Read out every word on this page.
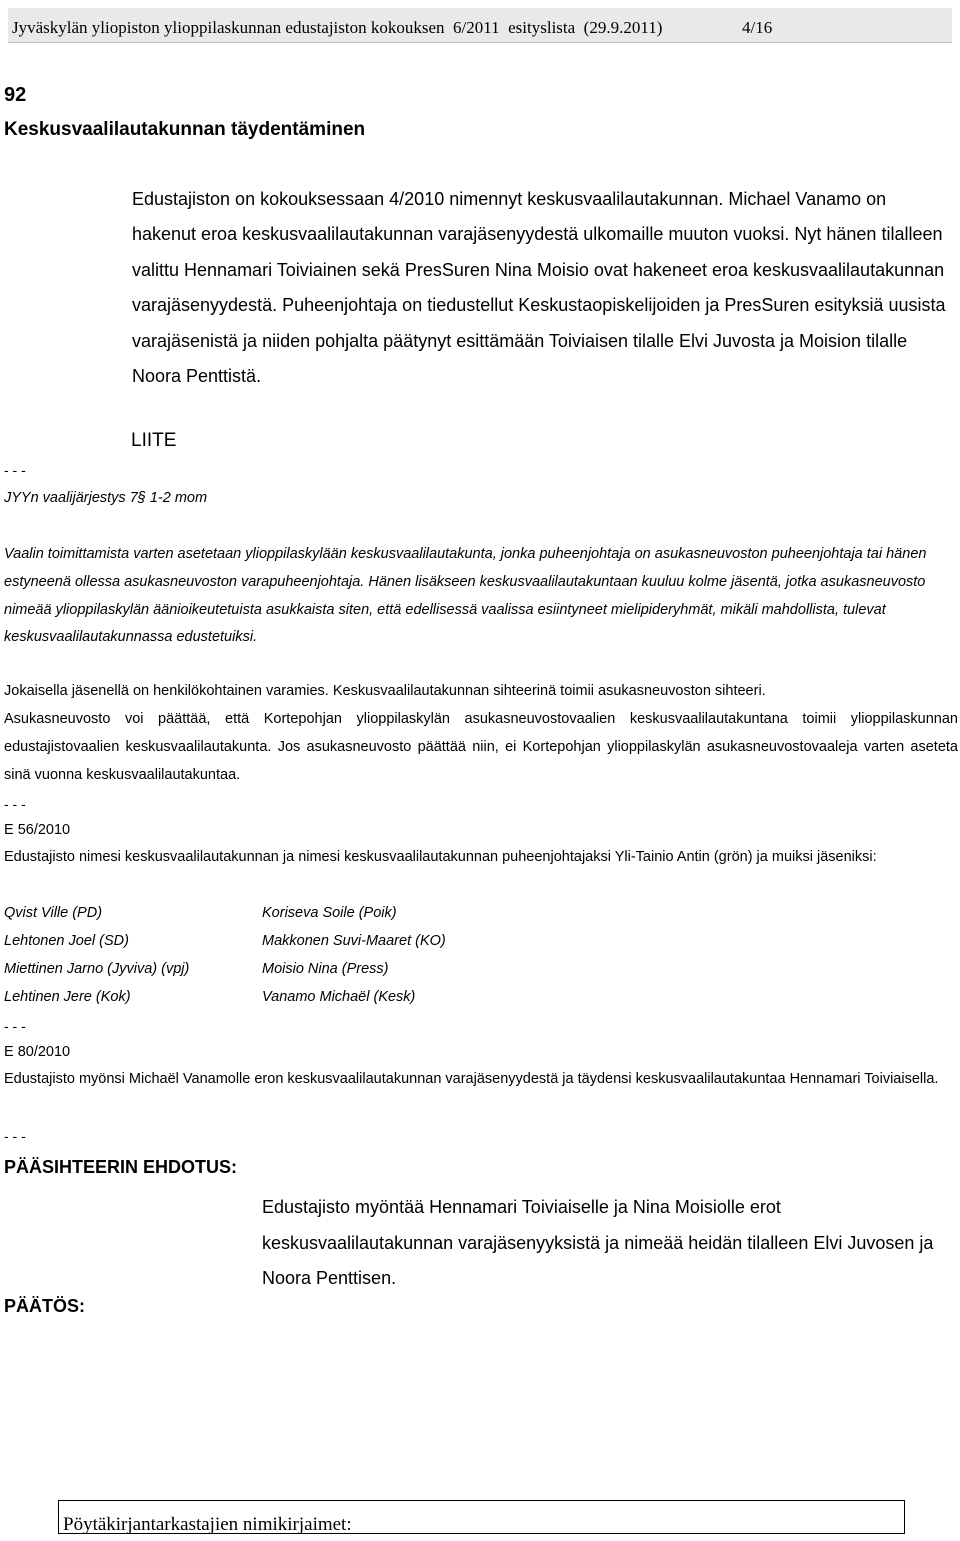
Jyväskylän yliopiston ylioppilaskunnan edustajiston kokouksen  6/2011  esityslista  (29.9.2011)	4/16
92
Keskusvaalilautakunnan täydentäminen
Edustajiston on kokouksessaan 4/2010 nimennyt keskusvaalilautakunnan. Michael Vanamo on hakenut eroa keskusvaalilautakunnan varajäsenyydestä ulkomaille muuton vuoksi. Nyt hänen tilalleen valittu Hennamari Toiviainen sekä PresSuren Nina Moisio ovat hakeneet eroa keskusvaalilautakunnan varajäsenyydestä. Puheenjohtaja on tiedustellut Keskustaopiskelijoiden ja PresSuren esityksiä uusista varajäsenistä ja niiden pohjalta päätynyt esittämään Toiviaisen tilalle Elvi Juvosta ja Moision tilalle Noora Penttistä.
LIITE
- - -
JYYn vaalijärjestys 7§ 1-2 mom
Vaalin toimittamista varten asetetaan ylioppilaskylään keskusvaalilautakunta, jonka puheenjohtaja on asukasneuvoston puheenjohtaja tai hänen estyneenä ollessa asukasneuvoston varapuheenjohtaja. Hänen lisäkseen keskusvaalilautakuntaan kuuluu kolme jäsentä, jotka asukasneuvosto nimeää ylioppilaskylän äänioikeutetuista asukkaista siten, että edellisessä vaalissa esiintyneet mielipideryhmät, mikäli mahdollista, tulevat keskusvaalilautakunnassa edustetuiksi.
Jokaisella jäsenellä on henkilökohtainen varamies. Keskusvaalilautakunnan sihteerinä toimii asukasneuvoston sihteeri.
Asukasneuvosto voi päättää, että Kortepohjan ylioppilaskylän asukasneuvostovaalien keskusvaalilautakuntana toimii ylioppilaskunnan edustajistovaalien keskusvaalilautakunta. Jos asukasneuvosto päättää niin, ei Kortepohjan ylioppilaskylän asukasneuvostovaaleja varten aseteta sinä vuonna keskusvaalilautakuntaa.
- - -
E 56/2010
Edustajisto nimesi keskusvaalilautakunnan ja nimesi keskusvaalilautakunnan puheenjohtajaksi Yli-Tainio Antin (grön) ja muiksi jäseniksi:
Qvist Ville (PD)
Lehtonen Joel (SD)
Miettinen Jarno (Jyviva) (vpj)
Lehtinen Jere (Kok)
Koriseva Soile (Poik)
Makkonen Suvi-Maaret (KO)
Moisio Nina (Press)
Vanamo Michaël (Kesk)
- - -
E 80/2010
Edustajisto myönsi Michaël Vanamolle eron keskusvaalilautakunnan varajäsenyydestä ja täydensi keskusvaalilautakuntaa Hennamari Toiviaisella.
- - -
PÄÄSIHTEERIN EHDOTUS:
Edustajisto myöntää Hennamari Toiviaiselle ja Nina Moisiolle erot keskusvaalilautakunnan varajäsenyyksistä ja nimeää heidän tilalleen Elvi Juvosen ja Noora Penttisen.
PÄÄTÖS:
Pöytäkirjantarkastajien nimikirjaimet:
